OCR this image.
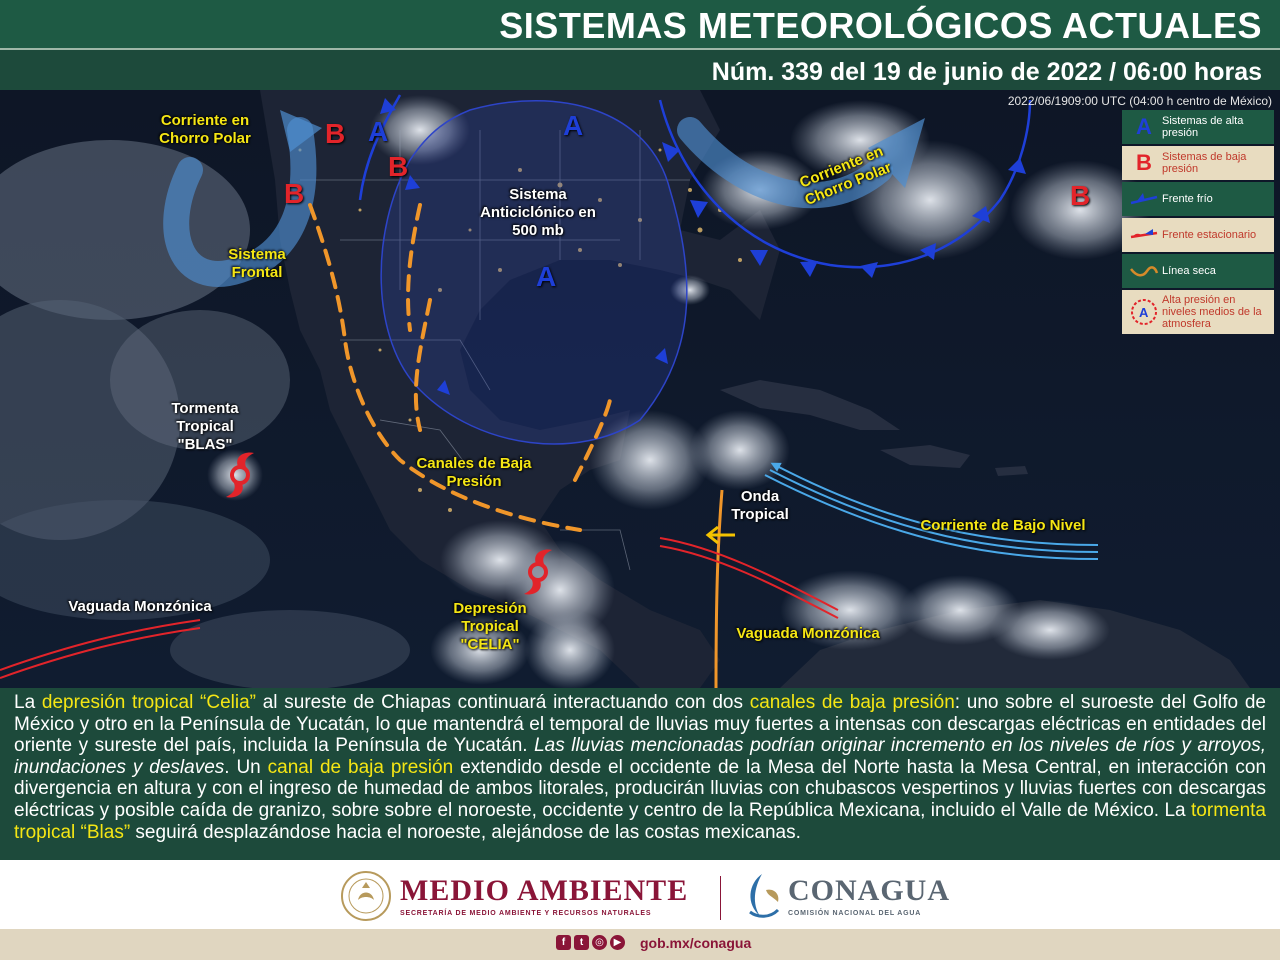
SISTEMAS METEOROLÓGICOS ACTUALES
Núm. 339 del 19 de junio de 2022 / 06:00 horas
2022/06/1909:00 UTC (04:00 h centro de México)
A	A
A
B
B
B	B
Corriente en Chorro Polar
Sistema Frontal
Sistema Anticiclónico en 500 mb
Corriente en Chorro Polar
Tormenta Tropical "BLAS"
Canales de Baja Presión
Onda Tropical
Corriente de Bajo Nivel
Vaguada Monzónica	Depresión Tropical "CELIA"
Vaguada Monzónica
A Sistemas de alta presión
B Sistemas de baja presión
Frente frío
Frente estacionario
Línea seca
A
Alta presión en niveles medios de la atmosfera

La depresión tropical “Celia” al sureste de Chiapas continuará interactuando con dos canales de baja presión: uno sobre el suroeste del Golfo de México y otro en la Península de Yucatán, lo que mantendrá el temporal de lluvias muy fuertes a intensas con descargas eléctricas en entidades del oriente y sureste del país, incluida la Península de Yucatán. Las lluvias mencionadas podrían originar incremento en los niveles de ríos y arroyos, inundaciones y deslaves. Un canal de baja presión extendido desde el occidente de la Mesa del Norte hasta la Mesa Central, en interacción con divergencia en altura y con el ingreso de humedad de ambos litorales, producirán lluvias con chubascos vespertinos y lluvias fuertes con descargas eléctricas y posible caída de granizo, sobre sobre el noroeste, occidente y centro de la República Mexicana, incluido el Valle de México. La tormenta tropical “Blas” seguirá desplazándose hacia el noroeste, alejándose de las costas mexicanas.

MEDIO AMBIENTE
SECRETARÍA DE MEDIO AMBIENTE Y RECURSOS NATURALES
CONAGUA
COMISIÓN NACIONAL DEL AGUA
f	t	◎ ▶ gob.mx/conagua
